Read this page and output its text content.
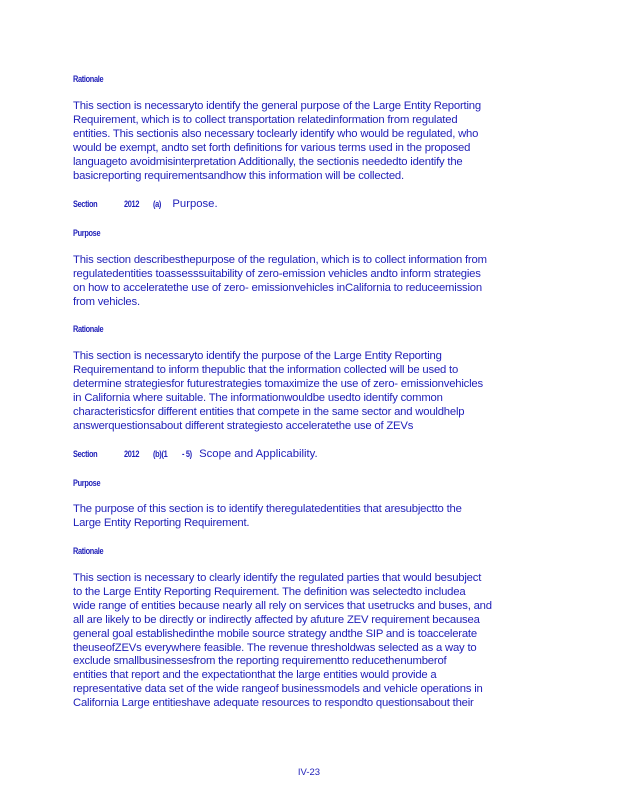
Rationale
This section is necessaryto identify the general purpose of the Large Entity Reporting
Requirement, which is to collect transportation relatedinformation from regulated
entities. This sectionis also necessary toclearly identify who would be regulated, who
would be exempt, andto set forth definitions for various terms used in the proposed
languageto avoidmisinterpretation Additionally, the sectionis neededto identify the
basicreporting requirementsandhow this information will be collected.
Section	2012 (a) Purpose.
Purpose
This section describesthepurpose of the regulation, which is to collect information from
regulatedentities toassesssuitability of zero-emission vehicles andto inform strategies
on how to acceleratethe use of zero- emissionvehicles inCalifornia to reduceemission
from vehicles.
Rationale
This section is necessaryto identify the purpose of the Large Entity Reporting
Requirementand to inform thepublic that the information collected will be used to
determine strategiesfor futurestrategies tomaximize the use of zero- emissionvehicles
in California where suitable. The informationwouldbe usedto identify common
characteristicsfor different entities that compete in the same sector and wouldhelp
answerquestionsabout different strategiesto acceleratethe use of ZEVs
Section	2012 (b)(1 - 5) Scope and Applicability.
Purpose
The purpose of this section is to identify theregulatedentities that aresubjectto the
Large Entity Reporting Requirement.
Rationale
This section is necessary to clearly identify the regulated parties that would besubject
to the Large Entity Reporting Requirement. The definition was selectedto includea
wide range of entities because nearly all rely on services that usetrucks and buses, and
all are likely to be directly or indirectly affected by afuture ZEV requirement becausea
general goal establishedinthe mobile source strategy andthe SIP and is toaccelerate
theuseofZEVs everywhere feasible. The revenue thresholdwas selected as a way to
exclude smallbusinessesfrom the reporting requirementto reducethenumberof
entities that report and the expectationthat the large entities would provide a
representative data set of the wide rangeof businessmodels and vehicle operations in
California Large entitieshave adequate resources to respondto questionsabout their
IV-23
